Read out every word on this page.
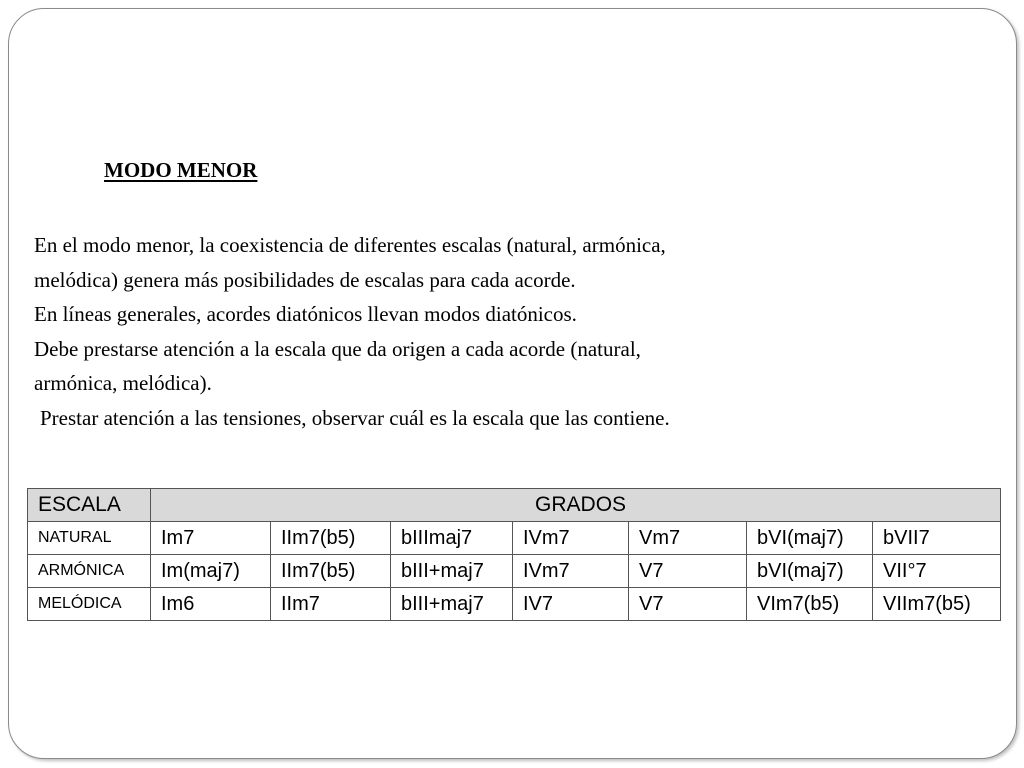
MODO MENOR

En el modo menor, la coexistencia de diferentes escalas (natural, armónica,

melódica) genera más posibilidades de escalas para cada acorde.

En líneas generales, acordes diatónicos llevan modos diatónicos.

Debe prestarse atención a la escala que da origen a cada acorde (natural,

armónica, melódica).

Prestar atención a las tensiones, observar cuál es la escala que las contiene.

ESCALA	GRADOS						
NATURAL	Im7	IIm7(b5)	bIIImaj7	IVm7	Vm7	bVI(maj7)	bVII7
ARMÓNICA	Im(maj7)	IIm7(b5)	bIII+maj7	IVm7	V7	bVI(maj7)	VII°7
MELÓDICA	Im6	IIm7	bIII+maj7	IV7	V7	VIm7(b5)	VIIm7(b5)
